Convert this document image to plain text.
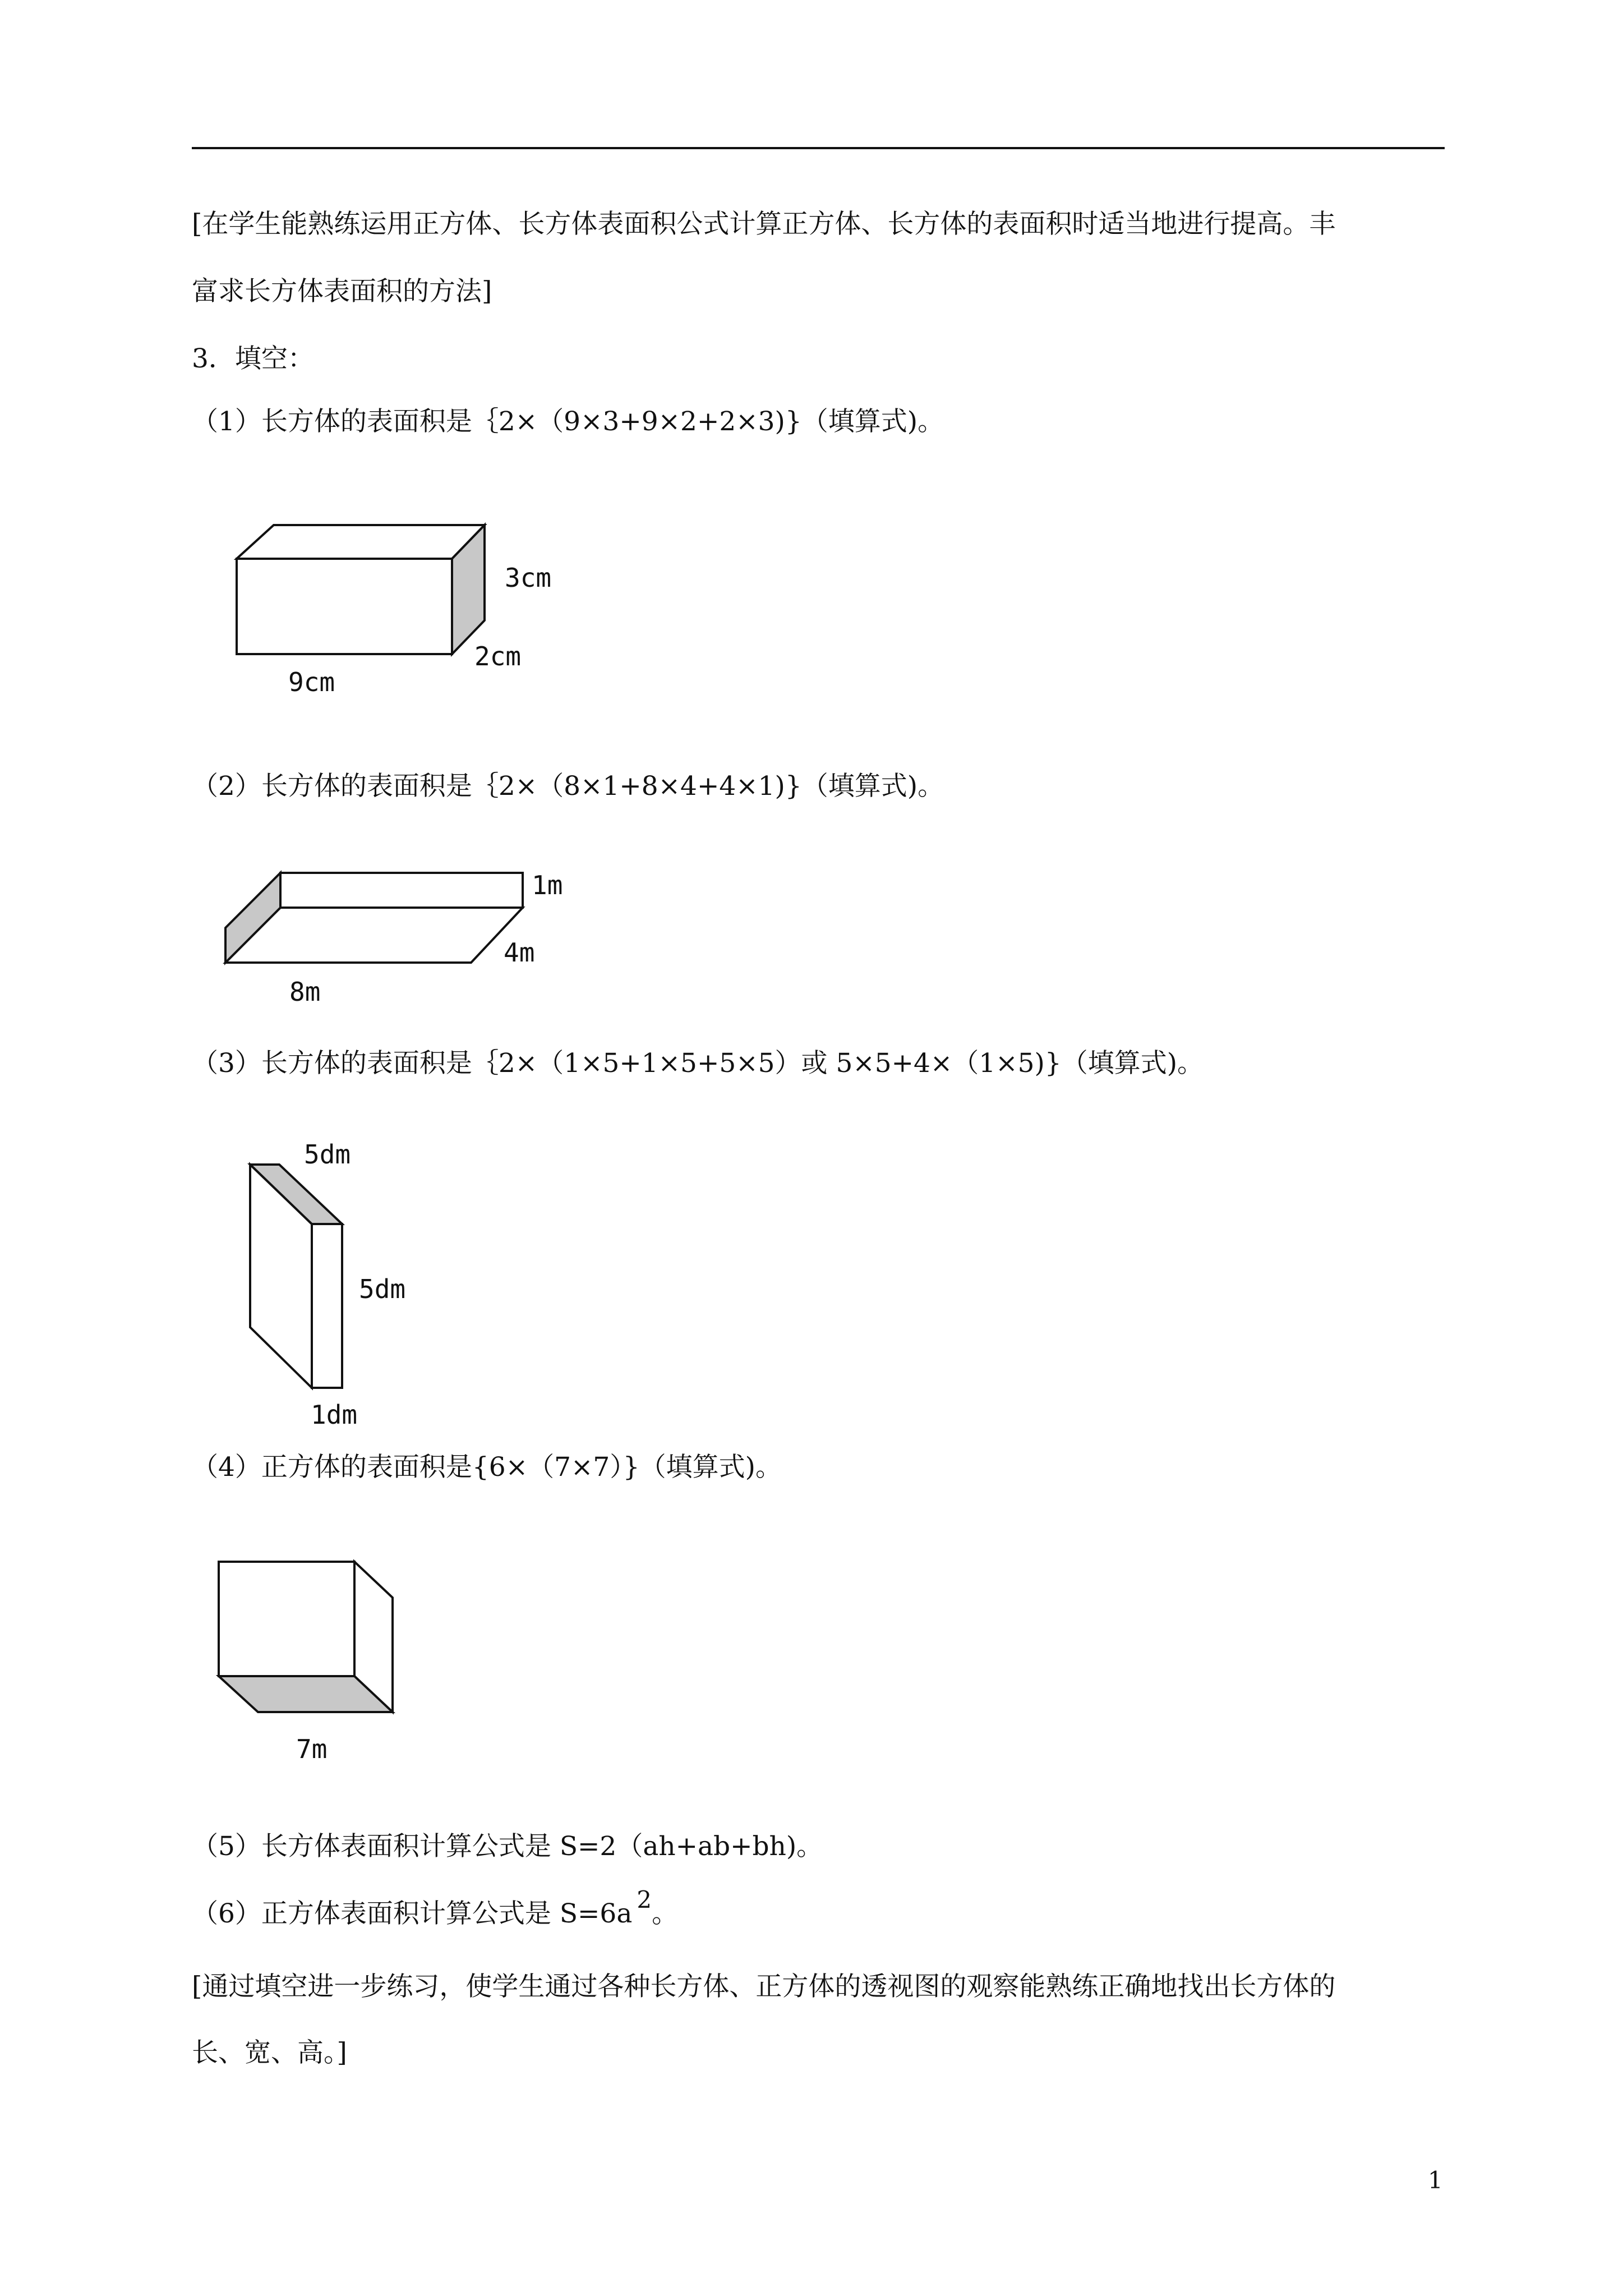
[在学生能熟练运用正方体、长方体表面积公式计算正方体、长方体的表面积时适当地进行提高。丰
富求长方体表面积的方法]
3．填空：
（1）长方体的表面积是｛2×（9×3+9×2+2×3)}（填算式)。
3cm
2cm
9cm
（2）长方体的表面积是｛2×（8×1+8×4+4×1)}（填算式)。
1m
4m
8m
（3）长方体的表面积是｛2×（1×5+1×5+5×5）或 5×5+4×（1×5)}（填算式)。
5dm
5dm
1dm
（4）正方体的表面积是{6×（7×7）}（填算式)。
7m
（5）长方体表面积计算公式是 S=2（ah+ab+bh)。
（6）正方体表面积计算公式是 S=6a 2。
[通过填空进一步练习，使学生通过各种长方体、正方体的透视图的观察能熟练正确地找出长方体的
长、宽、高。]
1
